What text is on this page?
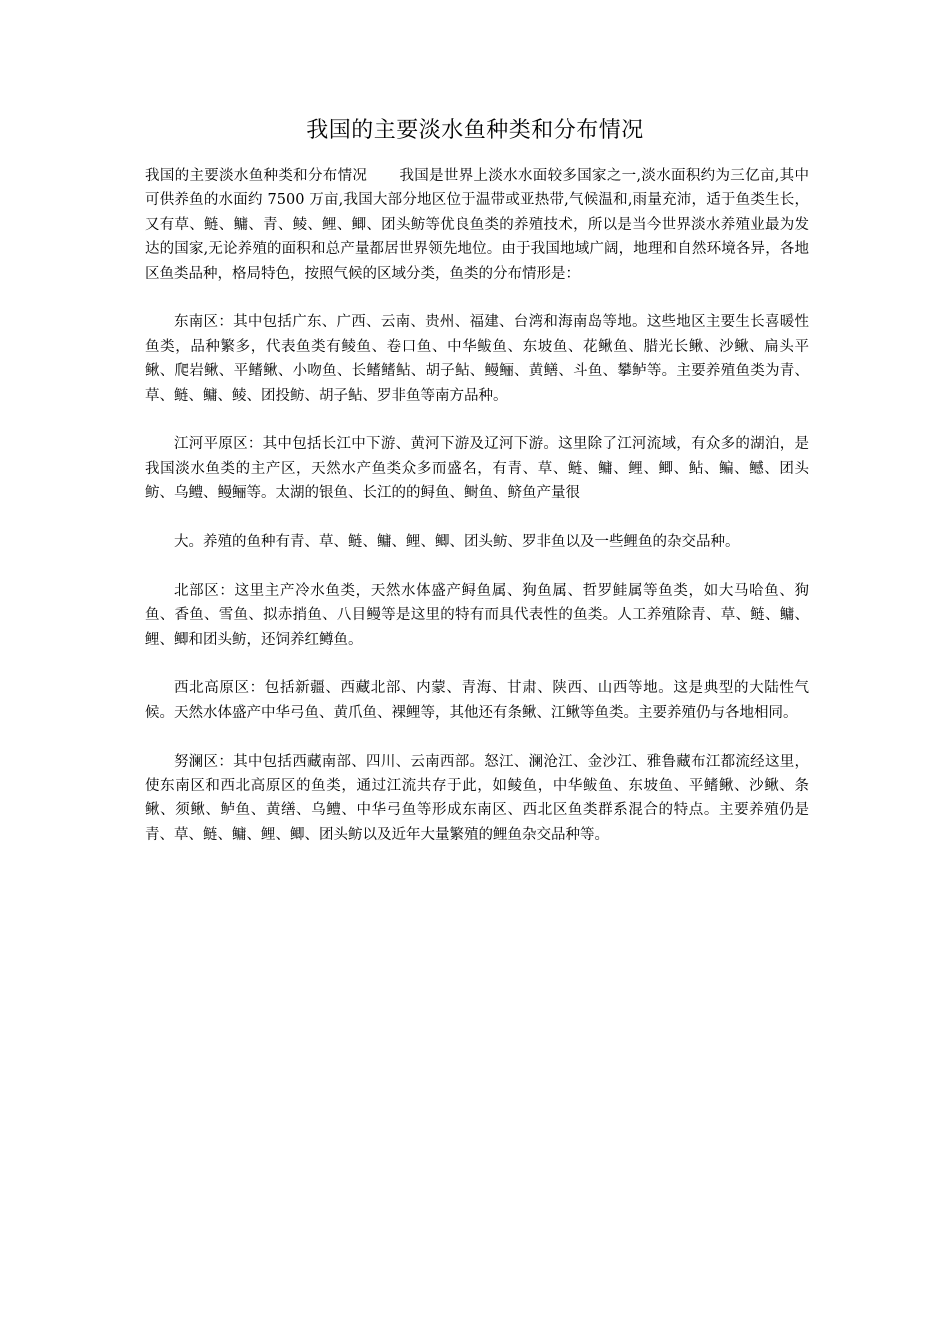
我国的主要淡水鱼种类和分布情况

我国的主要淡水鱼种类和分布情况 我国是世界上淡水水面较多国家之一,淡水面积约为三亿亩,其中可供养鱼的水面约 7500 万亩,我国大部分地区位于温带或亚热带,气候温和,雨量充沛，适于鱼类生长，又有草、鲢、鳙、青、鲮、鲤、鲫、团头鲂等优良鱼类的养殖技术，所以是当今世界淡水养殖业最为发达的国家,无论养殖的面积和总产量都居世界领先地位。由于我国地域广阔，地理和自然环境各异，各地区鱼类品种，格局特色，按照气候的区域分类，鱼类的分布情形是：

东南区：其中包括广东、广西、云南、贵州、福建、台湾和海南岛等地。这些地区主要生长喜暖性鱼类，品种繁多，代表鱼类有鲮鱼、卷口鱼、中华鲅鱼、东坡鱼、花鳅鱼、腊光长鳅、沙鳅、扁头平鳅、爬岩鳅、平鳍鳅、小吻鱼、长鳍鳍鲇、胡子鲇、鳗鲡、黄鳝、斗鱼、攀鲈等。主要养殖鱼类为青、草、鲢、鳙、鲮、团投鲂、胡子鲇、罗非鱼等南方品种。

江河平原区：其中包括长江中下游、黄河下游及辽河下游。这里除了江河流域，有众多的湖泊，是我国淡水鱼类的主产区，天然水产鱼类众多而盛名，有青、草、鲢、鳙、鲤、鲫、鲇、鳊、鳡、团头鲂、乌鳢、鳗鲡等。太湖的银鱼、长江的的鲟鱼、鲥鱼、鲚鱼产量很

大。养殖的鱼种有青、草、鲢、鳙、鲤、鲫、团头鲂、罗非鱼以及一些鲤鱼的杂交品种。

北部区：这里主产冷水鱼类，天然水体盛产鲟鱼属、狗鱼属、哲罗鲑属等鱼类，如大马哈鱼、狗鱼、香鱼、雪鱼、拟赤捎鱼、八目鳗等是这里的特有而具代表性的鱼类。人工养殖除青、草、鲢、鳙、鲤、鲫和团头鲂，还饲养红鳟鱼。

西北高原区：包括新疆、西藏北部、内蒙、青海、甘肃、陕西、山西等地。这是典型的大陆性气候。天然水体盛产中华弓鱼、黄爪鱼、裸鲤等，其他还有条鳅、江鳅等鱼类。主要养殖仍与各地相同。

努澜区：其中包括西藏南部、四川、云南西部。怒江、澜沧江、金沙江、雅鲁藏布江都流经这里，使东南区和西北高原区的鱼类，通过江流共存于此，如鲮鱼，中华鲅鱼、东坡鱼、平鳍鳅、沙鳅、条鳅、须鳅、鲈鱼、黄缮、乌鳢、中华弓鱼等形成东南区、西北区鱼类群系混合的特点。主要养殖仍是青、草、鲢、鳙、鲤、鲫、团头鲂以及近年大量繁殖的鲤鱼杂交品种等。
